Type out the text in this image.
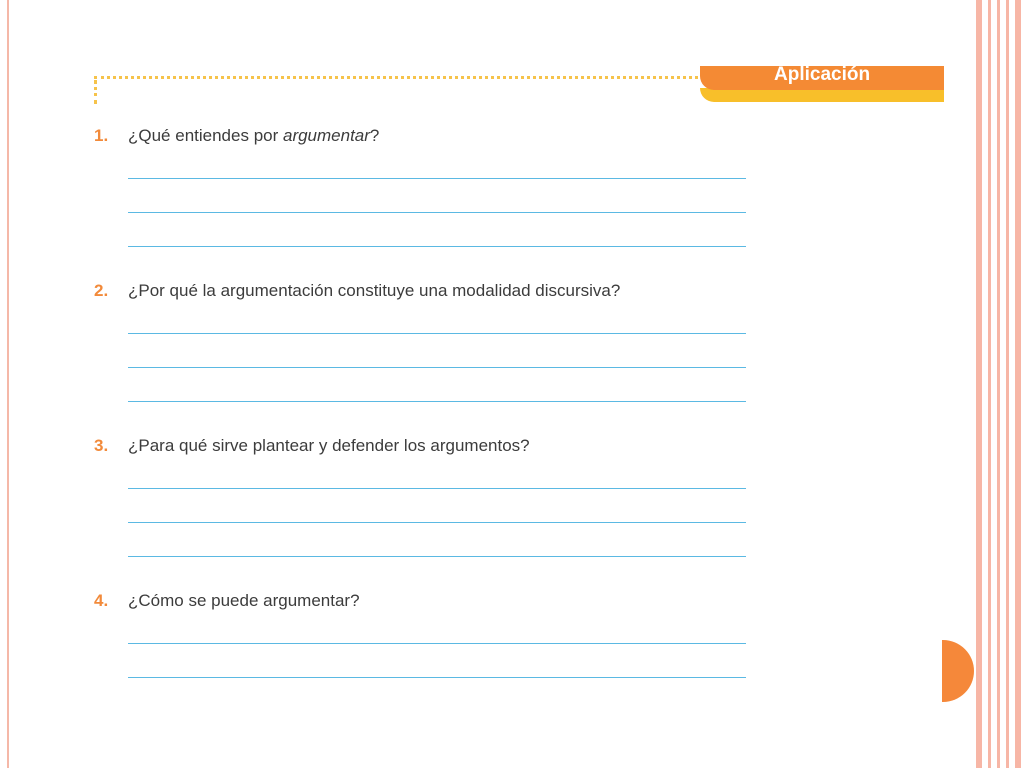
Aplicación
1. ¿Qué entiendes por argumentar?
2. ¿Por qué la argumentación constituye una modalidad discursiva?
3. ¿Para qué sirve plantear y defender los argumentos?
4. ¿Cómo se puede argumentar?
